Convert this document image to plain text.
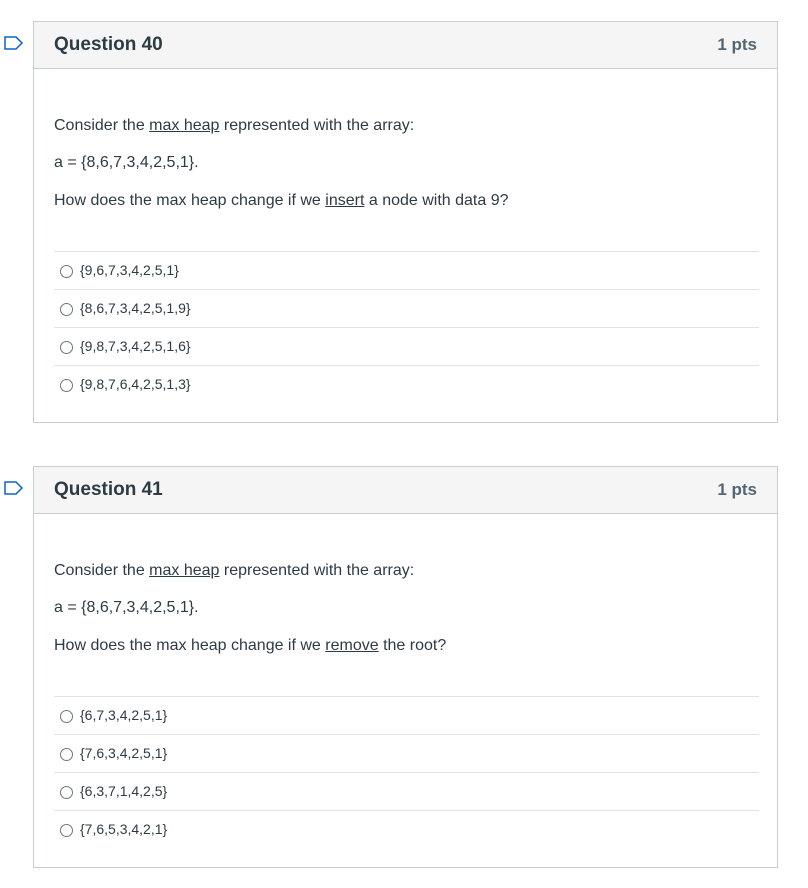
Question 40	1 pts
Consider the max heap represented with the array:
a = {8,6,7,3,4,2,5,1}.
How does the max heap change if we insert a node with data 9?
{9,6,7,3,4,2,5,1}
{8,6,7,3,4,2,5,1,9}
{9,8,7,3,4,2,5,1,6}
{9,8,7,6,4,2,5,1,3}
Question 41	1 pts
Consider the max heap represented with the array:
a = {8,6,7,3,4,2,5,1}.
How does the max heap change if we remove the root?
{6,7,3,4,2,5,1}
{7,6,3,4,2,5,1}
{6,3,7,1,4,2,5}
{7,6,5,3,4,2,1}
